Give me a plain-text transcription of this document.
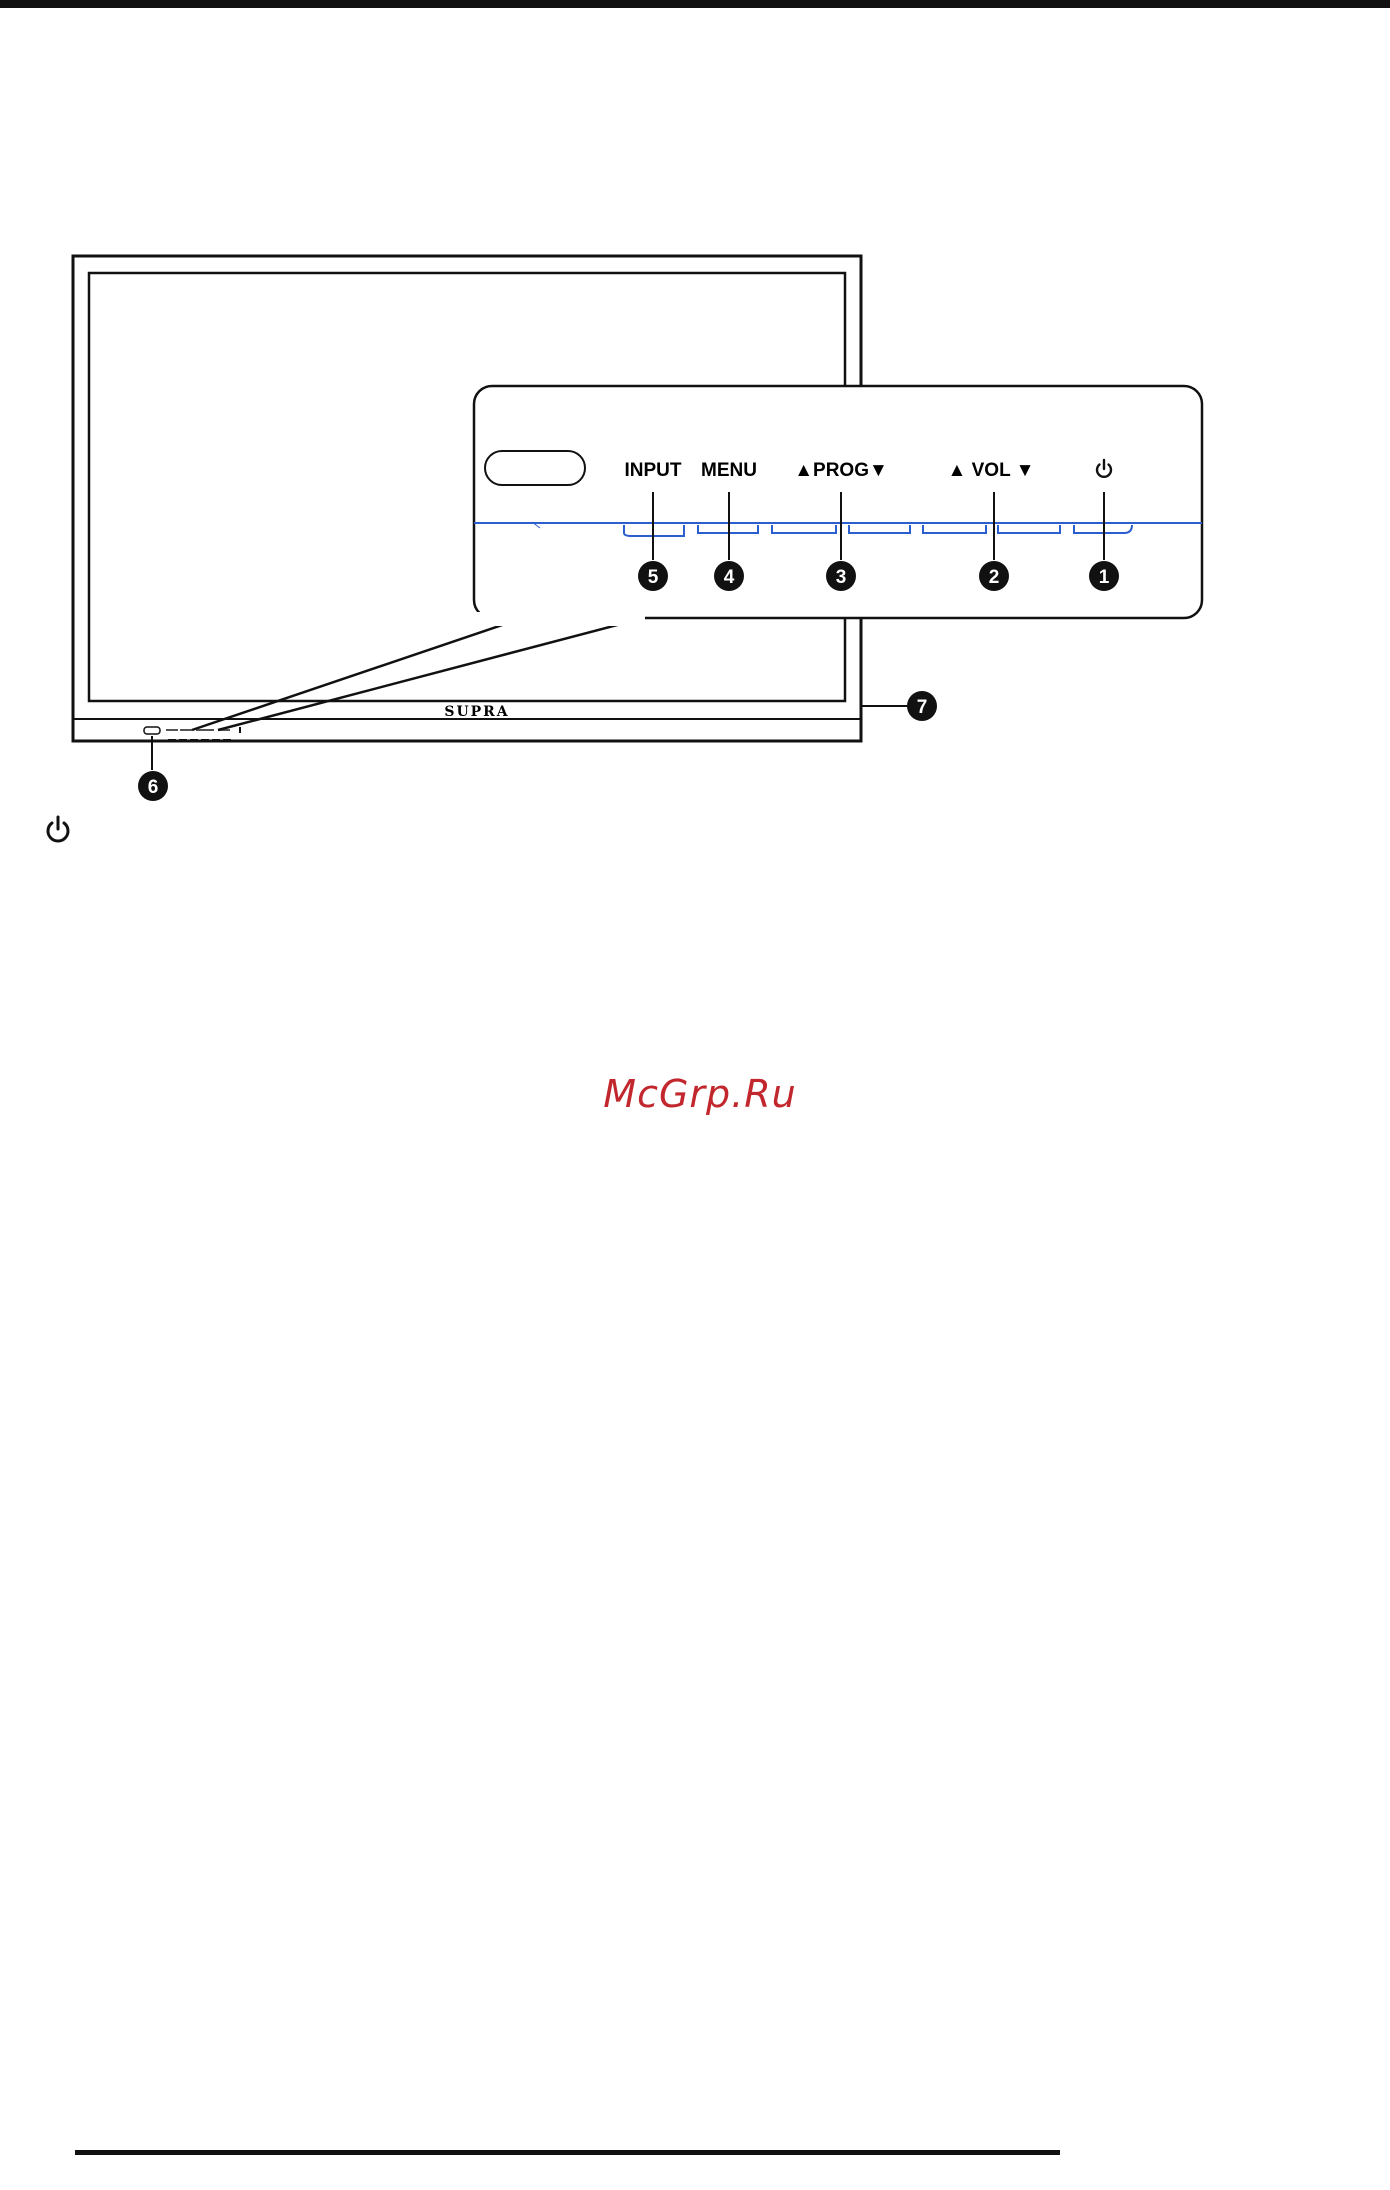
SUPRA
INPUT MENU ▲PROG▼	▲ VOL ▼
5	4	3	2	1
7
6
McGrp.Ru
